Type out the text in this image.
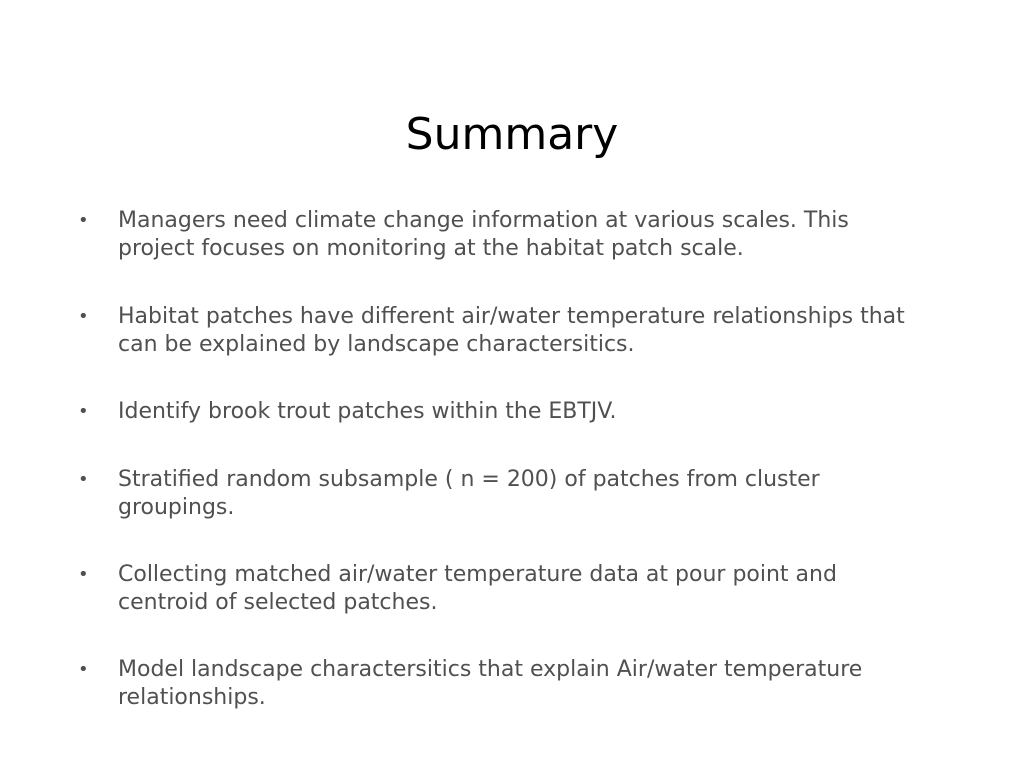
Summary
•	Managers need climate change information at various scales. This project focuses on monitoring at the habitat patch scale.
•	Habitat patches have different air/water temperature relationships that can be explained by landscape charactersitics.
•	Identify brook trout patches within the EBTJV.
•	Stratified random subsample ( n = 200) of patches from cluster groupings.
•	Collecting matched air/water temperature data at pour point and centroid of selected patches.
•	Model landscape charactersitics that explain Air/water temperature relationships.
